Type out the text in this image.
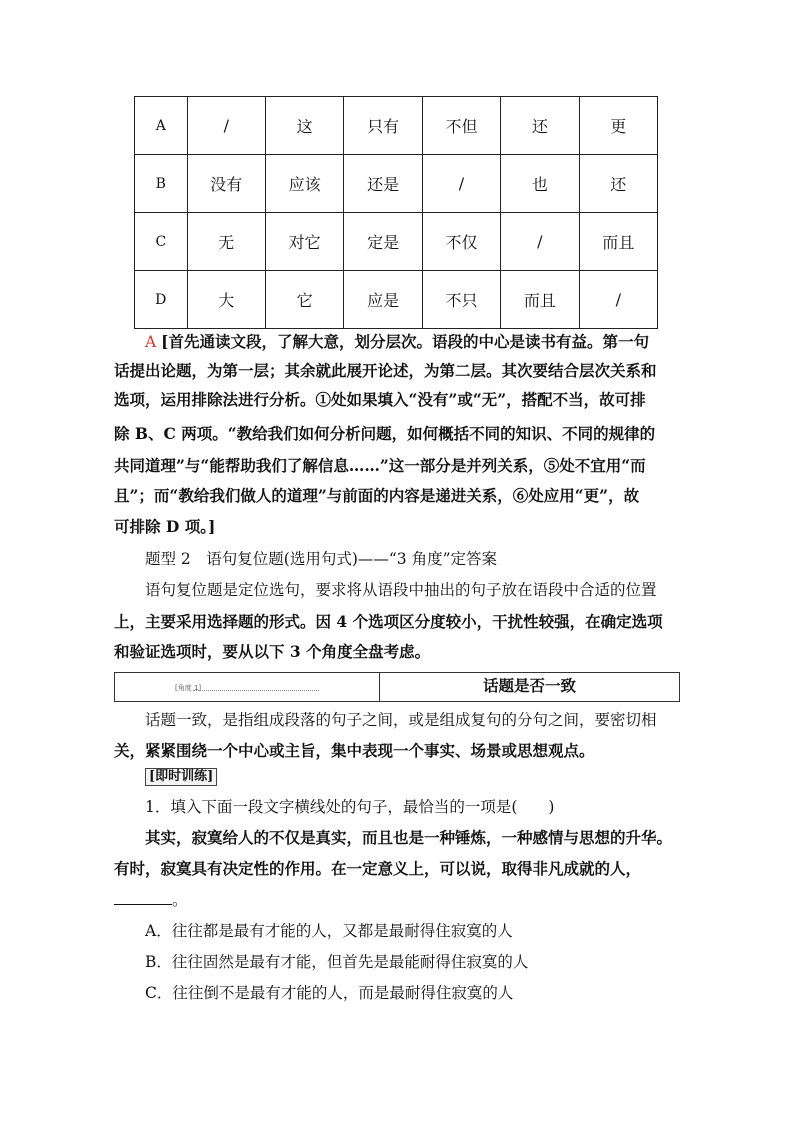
A	/	这	只有	不但	还	更
B	没有	应该	还是	/	也	还
C	无	对它	定是	不仅	/	而且
D	大	它	应是	不只	而且	/
A [首先通读文段，了解大意，划分层次。语段的中心是读书有益。第一句
话提出论题，为第一层；其余就此展开论述，为第二层。其次要结合层次关系和
选项，运用排除法进行分析。①处如果填入“没有”或“无”，搭配不当，故可排
除 B、C 两项。“教给我们如何分析问题，如何概括不同的知识、不同的规律的
共同道理”与“能帮助我们了解信息……”这一部分是并列关系，⑤处不宜用“而
且”；而“教给我们做人的道理”与前面的内容是递进关系，⑥处应用“更”，故
可排除 D 项。]
题型 2　语句复位题(选用句式)——“3 角度”定答案
语句复位题是定位选句，要求将从语段中抽出的句子放在语段中合适的位置
上，主要采用选择题的形式。因 4 个选项区分度较小，干扰性较强，在确定选项
和验证选项时，要从以下 3 个角度全盘考虑。
[角度 1]	话题是否一致
话题一致，是指组成段落的句子之间，或是组成复句的分句之间，要密切相
关，紧紧围绕一个中心或主旨，集中表现一个事实、场景或思想观点。
[即时训练]
1．填入下面一段文字横线处的句子，最恰当的一项是(　　)
其实，寂寞给人的不仅是真实，而且也是一种锤炼，一种感情与思想的升华。
有时，寂寞具有决定性的作用。在一定意义上，可以说，取得非凡成就的人，
。
A．往往都是最有才能的人，又都是最耐得住寂寞的人
B．往往固然是最有才能，但首先是最能耐得住寂寞的人
C．往往倒不是最有才能的人，而是最耐得住寂寞的人
